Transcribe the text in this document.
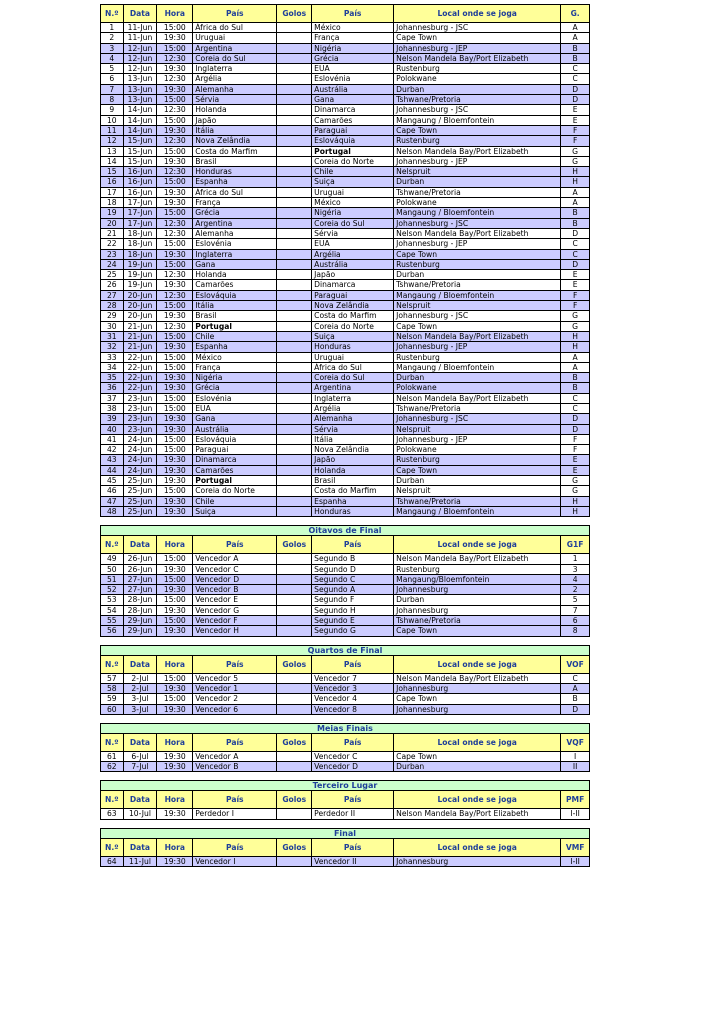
N.º	Data	Hora	País	Golos	País	Local onde se joga	G.
1	11-Jun	15:00	África do Sul		México	Johannesburg - JSC	A
2	11-Jun	19:30	Uruguai		França	Cape Town	A
3	12-Jun	15:00	Argentina		Nigéria	Johannesburg - JEP	B
4	12-Jun	12:30	Coreia do Sul		Grécia	Nelson Mandela Bay/Port Elizabeth	B
5	12-Jun	19:30	Inglaterra		EUA	Rustenburg	C
6	13-Jun	12:30	Argélia		Eslovénia	Polokwane	C
7	13-Jun	19:30	Alemanha		Austrália	Durban	D
8	13-Jun	15:00	Sérvia		Gana	Tshwane/Pretoria	D
9	14-Jun	12:30	Holanda		Dinamarca	Johannesburg - JSC	E
10	14-Jun	15:00	Japão		Camarões	Mangaung / Bloemfontein	E
11	14-Jun	19:30	Itália		Paraguai	Cape Town	F
12	15-Jun	12:30	Nova Zelândia		Eslováquia	Rustenburg	F
13	15-Jun	15:00	Costa do Marfim		Portugal	Nelson Mandela Bay/Port Elizabeth	G
14	15-Jun	19:30	Brasil		Coreia do Norte	Johannesburg - JEP	G
15	16-Jun	12:30	Honduras		Chile	Nelspruit	H
16	16-Jun	15:00	Espanha		Suiça	Durban	H
17	16-Jun	19:30	África do Sul		Uruguai	Tshwane/Pretoria	A
18	17-Jun	19:30	França		México	Polokwane	A
19	17-Jun	15:00	Grécia		Nigéria	Mangaung / Bloemfontein	B
20	17-Jun	12:30	Argentina		Coreia do Sul	Johannesburg - JSC	B
21	18-Jun	12:30	Alemanha		Sérvia	Nelson Mandela Bay/Port Elizabeth	D
22	18-Jun	15:00	Eslovénia		EUA	Johannesburg - JEP	C
23	18-Jun	19:30	Inglaterra		Argélia	Cape Town	C
24	19-Jun	15:00	Gana		Austrália	Rustenburg	D
25	19-Jun	12:30	Holanda		Japão	Durban	E
26	19-Jun	19:30	Camarões		Dinamarca	Tshwane/Pretoria	E
27	20-Jun	12:30	Eslováquia		Paraguai	Mangaung / Bloemfontein	F
28	20-Jun	15:00	Itália		Nova Zelândia	Nelspruit	F
29	20-Jun	19:30	Brasil		Costa do Marfim	Johannesburg - JSC	G
30	21-Jun	12:30	Portugal		Coreia do Norte	Cape Town	G
31	21-Jun	15:00	Chile		Suiça	Nelson Mandela Bay/Port Elizabeth	H
32	21-Jun	19:30	Espanha		Honduras	Johannesburg - JEP	H
33	22-Jun	15:00	México		Uruguai	Rustenburg	A
34	22-Jun	15:00	França		África do Sul	Mangaung / Bloemfontein	A
35	22-Jun	19:30	Nigéria		Coreia do Sul	Durban	B
36	22-Jun	19:30	Grécia		Argentina	Polokwane	B
37	23-Jun	15:00	Eslovénia		Inglaterra	Nelson Mandela Bay/Port Elizabeth	C
38	23-Jun	15:00	EUA		Argélia	Tshwane/Pretoria	C
39	23-Jun	19:30	Gana		Alemanha	Johannesburg - JSC	D
40	23-Jun	19:30	Austrália		Sérvia	Nelspruit	D
41	24-Jun	15:00	Eslováquia		Itália	Johannesburg - JEP	F
42	24-Jun	15:00	Paraguai		Nova Zelândia	Polokwane	F
43	24-Jun	19:30	Dinamarca		Japão	Rustenburg	E
44	24-Jun	19:30	Camarões		Holanda	Cape Town	E
45	25-Jun	19:30	Portugal		Brasil	Durban	G
46	25-Jun	15:00	Coreia do Norte		Costa do Marfim	Nelspruit	G
47	25-Jun	19:30	Chile		Espanha	Tshwane/Pretoria	H
48	25-Jun	19:30	Suiça		Honduras	Mangaung / Bloemfontein	H
Oitavos de Final
N.º	Data	Hora	País	Golos	País	Local onde se joga	G1F
49	26-Jun	15:00	Vencedor A		Segundo B	Nelson Mandela Bay/Port Elizabeth	1
50	26-Jun	19:30	Vencedor C		Segundo D	Rustenburg	3
51	27-Jun	15:00	Vencedor D		Segundo C	Mangaung/Bloemfontein	4
52	27-Jun	19:30	Vencedor B		Segundo A	Johannesburg	2
53	28-Jun	15:00	Vencedor E		Segundo F	Durban	5
54	28-Jun	19:30	Vencedor G		Segundo H	Johannesburg	7
55	29-Jun	15:00	Vencedor F		Segundo E	Tshwane/Pretoria	6
56	29-Jun	19:30	Vencedor H		Segundo G	Cape Town	8
Quartos de Final
N.º	Data	Hora	País	Golos	País	Local onde se joga	VOF
57	2-Jul	15:00	Vencedor 5		Vencedor 7	Nelson Mandela Bay/Port Elizabeth	C
58	2-Jul	19:30	Vencedor 1		Vencedor 3	Johannesburg	A
59	3-Jul	15:00	Vencedor 2		Vencedor 4	Cape Town	B
60	3-Jul	19:30	Vencedor 6		Vencedor 8	Johannesburg	D
Meias Finais
N.º	Data	Hora	País	Golos	País	Local onde se joga	VQF
61	6-Jul	19:30	Vencedor A		Vencedor C	Cape Town	I
62	7-Jul	19:30	Vencedor B		Vencedor D	Durban	II
Terceiro Lugar
N.º	Data	Hora	País	Golos	País	Local onde se joga	PMF
63	10-Jul	19:30	Perdedor I		Perdedor II	Nelson Mandela Bay/Port Elizabeth	I-II
Final
N.º	Data	Hora	País	Golos	País	Local onde se joga	VMF
64	11-Jul	19:30	Vencedor I		Vencedor II	Johannesburg	I-II
